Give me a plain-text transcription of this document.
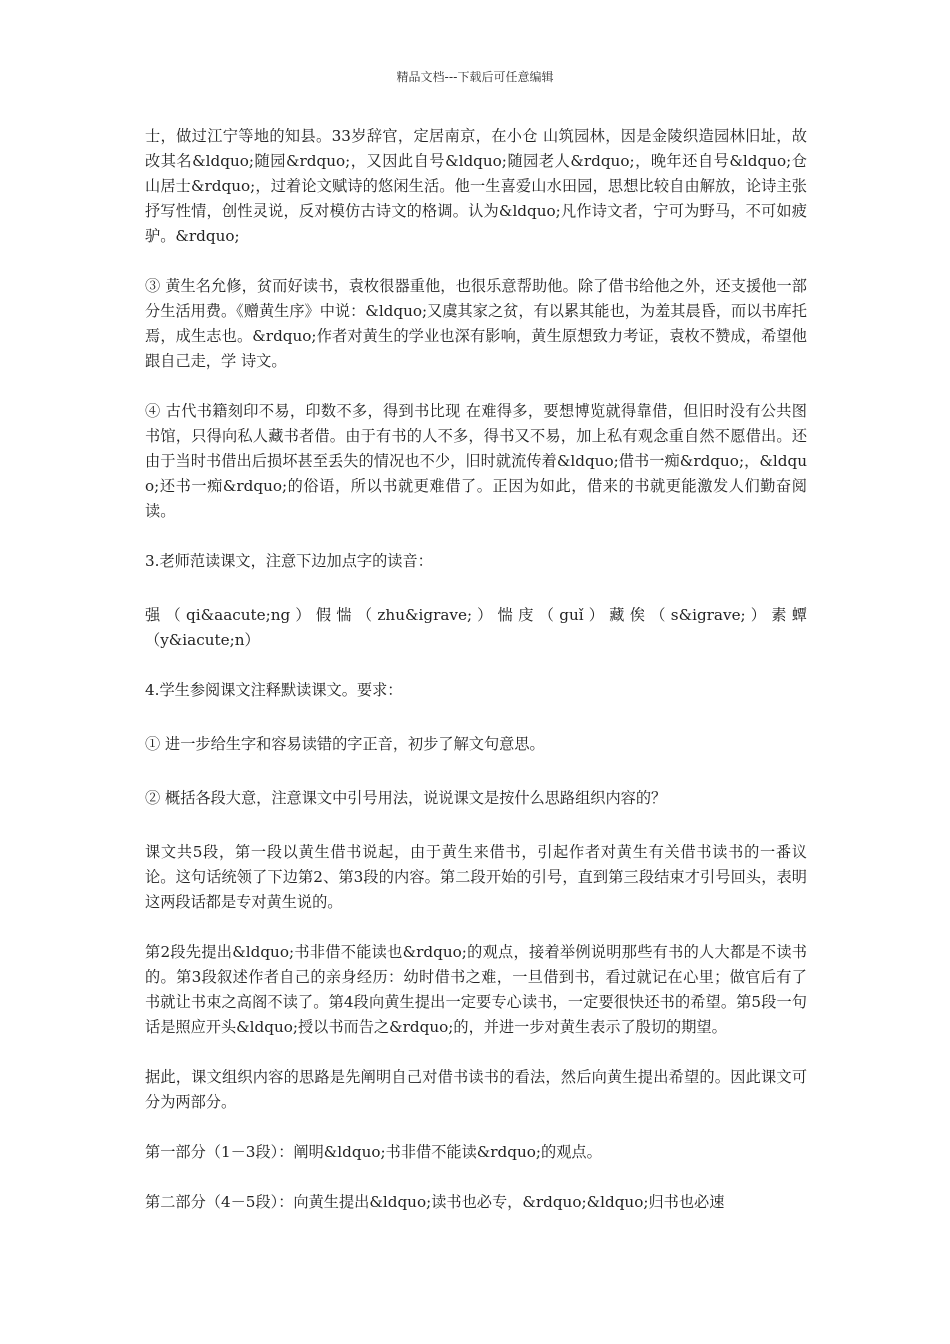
精品文档---下载后可任意编辑

士，做过江宁等地的知县。33岁辞官，定居南京，在小仓 山筑园林，因是金陵织造园林旧址，故改其名&ldquo;随园&rdquo;，又因此自号&ldquo;随园老人&rdquo;，晚年还自号&ldquo;仓山居士&rdquo;，过着论文赋诗的悠闲生活。他一生喜爱山水田园，思想比较自由解放，论诗主张抒写性情，创性灵说，反对模仿古诗文的格调。认为&ldquo;凡作诗文者，宁可为野马，不可如疲驴。&rdquo;

③ 黄生名允修，贫而好读书，袁枚很器重他，也很乐意帮助他。除了借书给他之外，还支援他一部分生活用费。《赠黄生序》中说：&ldquo;又虞其家之贫，有以累其能也，为羞其晨昏，而以书库托焉，成生志也。&rdquo;作者对黄生的学业也深有影响，黄生原想致力考证，袁枚不赞成，希望他跟自己走，学 诗文。

④ 古代书籍刻印不易，印数不多，得到书比现 在难得多，要想博览就得靠借，但旧时没有公共图书馆，只得向私人藏书者借。由于有书的人不多，得书又不易，加上私有观念重自然不愿借出。还由于当时书借出后损坏甚至丢失的情况也不少，旧时就流传着&ldquo;借书一痴&rdquo;，&ldquo;还书一痴&rdquo;的俗语，所以书就更难借了。正因为如此，借来的书就更能激发人们勤奋阅读。

3.老师范读课文，注意下边加点字的读音：

强 （ qi&aacute;ng ） 假 惴 （ zhu&igrave; ） 惴 庋 （ guǐ ） 藏 俟 （ s&igrave; ） 素 蟫 （y&iacute;n）

4.学生参阅课文注释默读课文。要求：

① 进一步给生字和容易读错的字正音，初步了解文句意思。

② 概括各段大意，注意课文中引号用法，说说课文是按什么思路组织内容的？

课文共5段，第一段以黄生借书说起，由于黄生来借书，引起作者对黄生有关借书读书的一番议论。这句话统领了下边第2、第3段的内容。第二段开始的引号，直到第三段结束才引号回头，表明这两段话都是专对黄生说的。

第2段先提出&ldquo;书非借不能读也&rdquo;的观点，接着举例说明那些有书的人大都是不读书的。第3段叙述作者自己的亲身经历：幼时借书之难，一旦借到书，看过就记在心里；做官后有了书就让书束之高阁不读了。第4段向黄生提出一定要专心读书，一定要很快还书的希望。第5段一句话是照应开头&ldquo;授以书而告之&rdquo;的，并进一步对黄生表示了殷切的期望。

据此，课文组织内容的思路是先阐明自己对借书读书的看法，然后向黄生提出希望的。因此课文可分为两部分。

第一部分（1－3段）：阐明&ldquo;书非借不能读&rdquo;的观点。

第二部分（4－5段）：向黄生提出&ldquo;读书也必专，&rdquo;&ldquo;归书也必速
